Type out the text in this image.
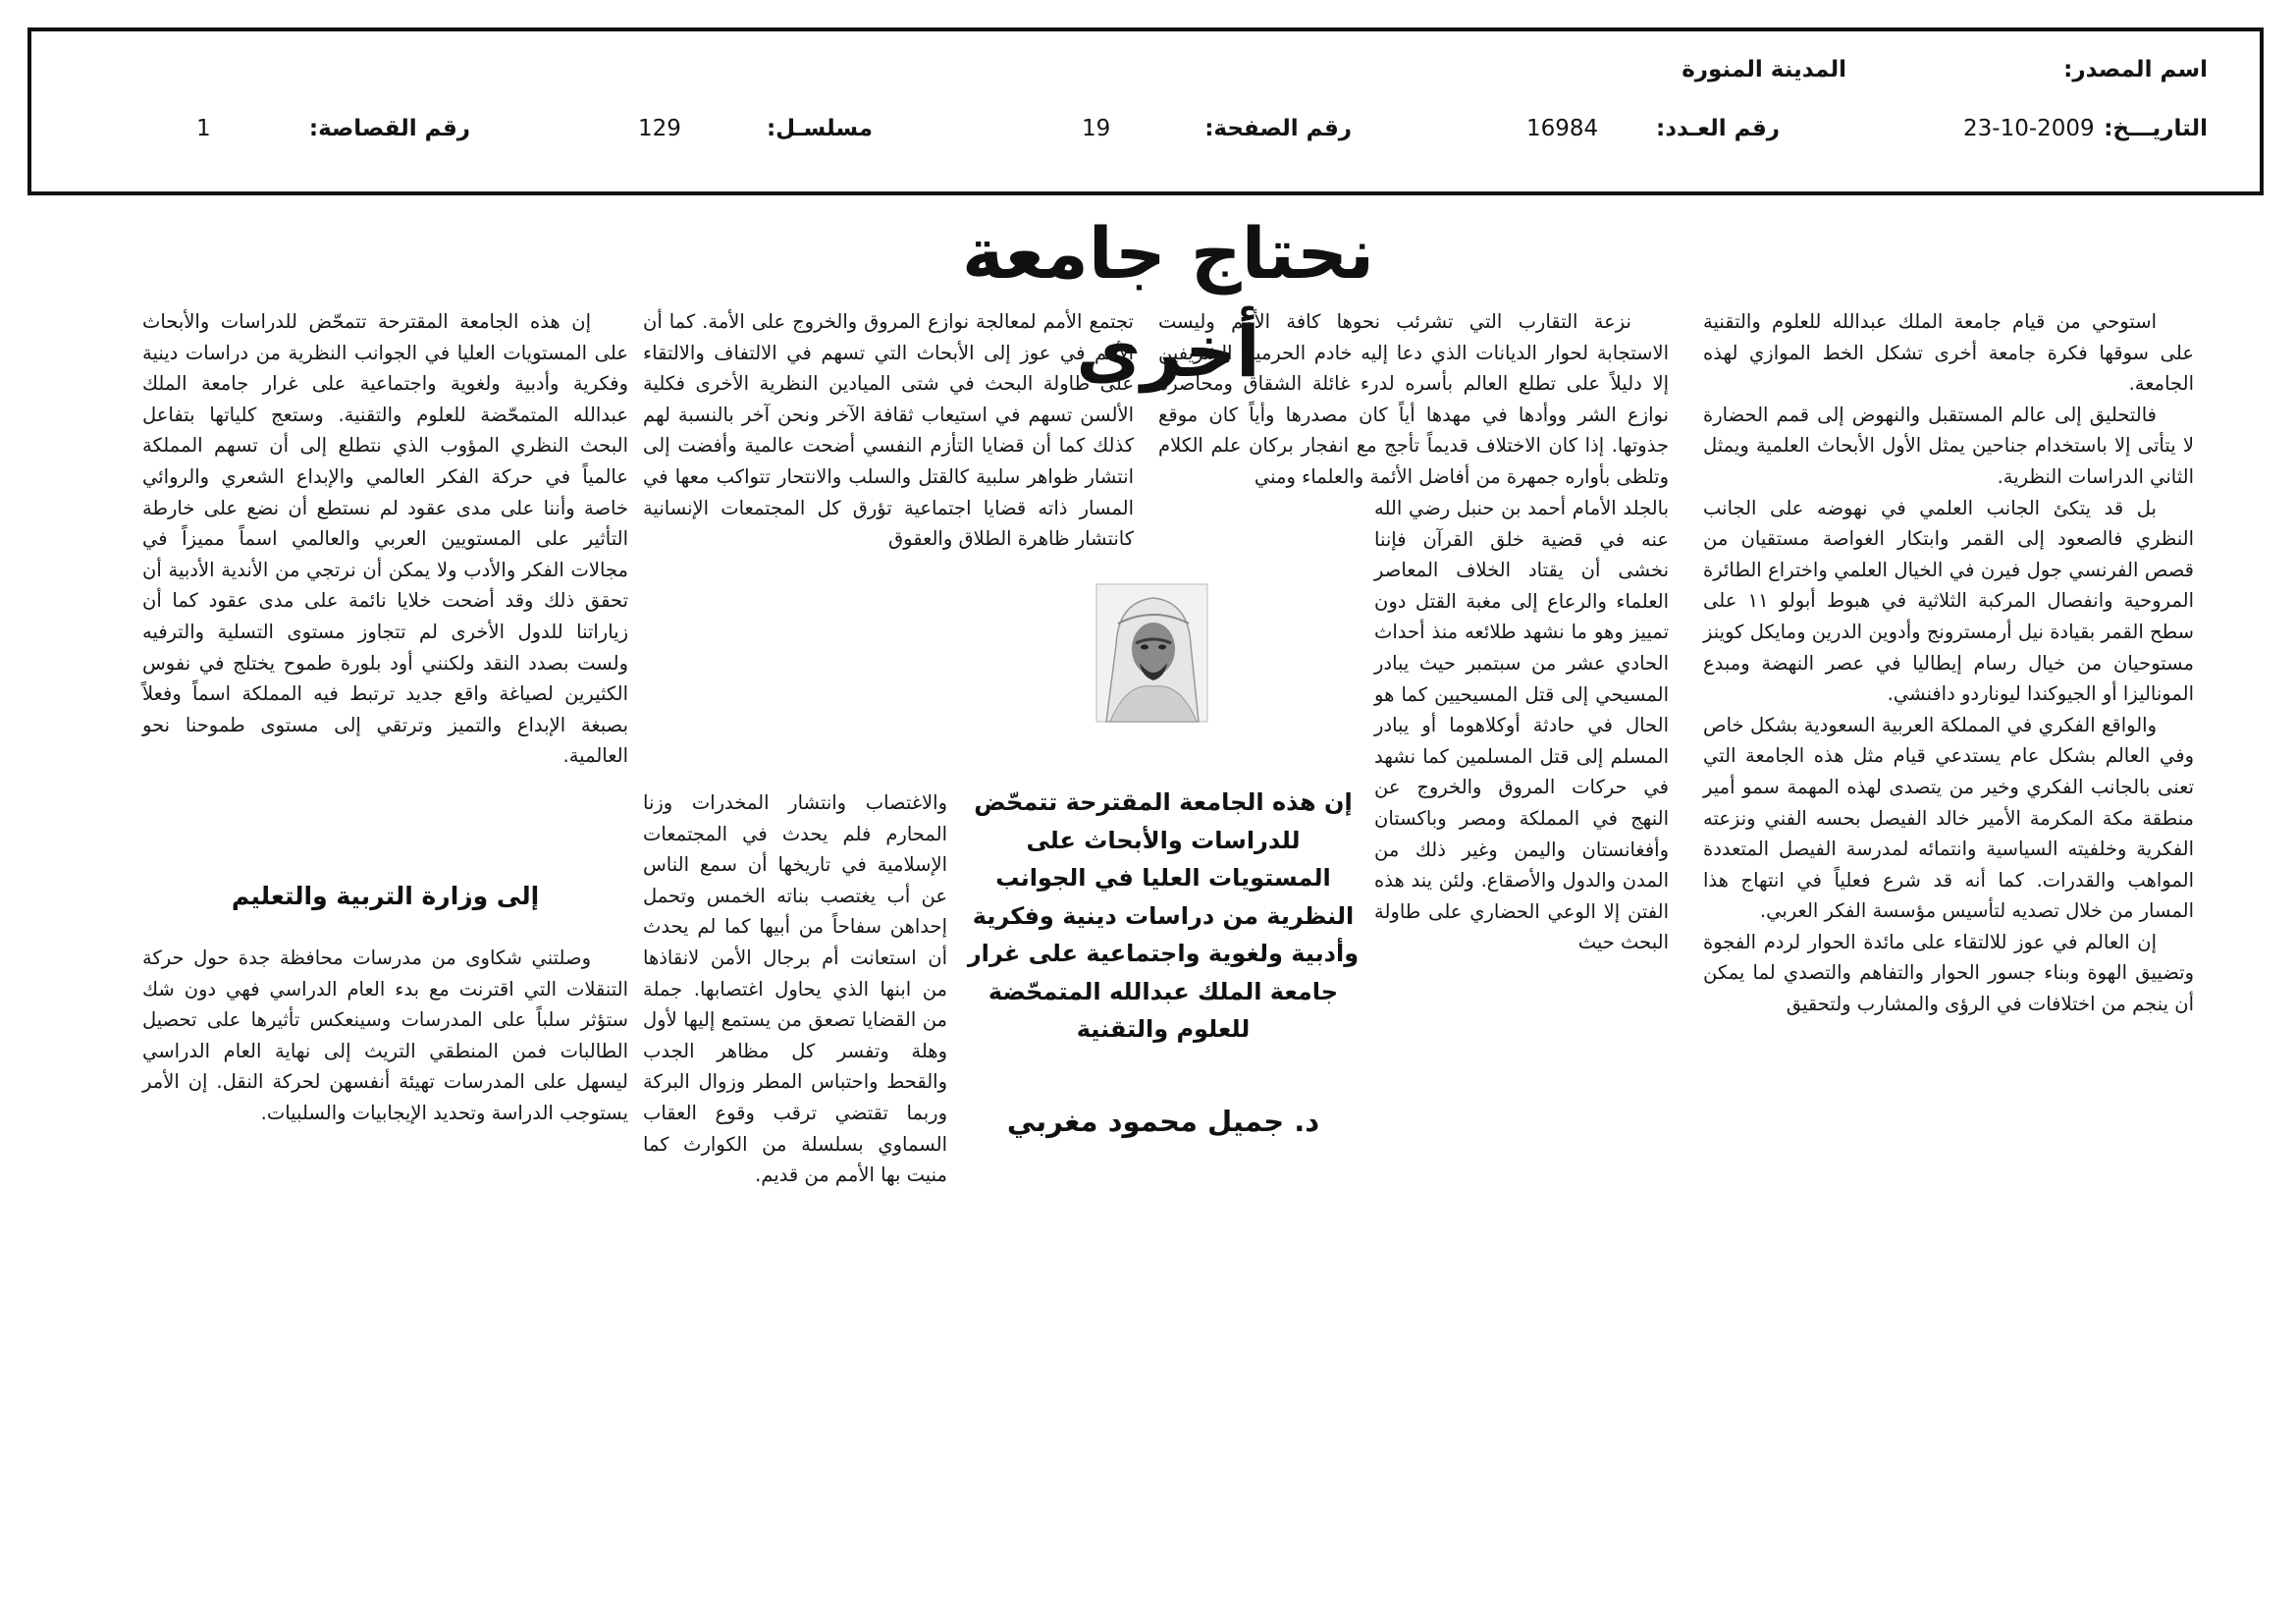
اسم المصدر:
المدينة المنورة
التاريـــخ:
23-10-2009
رقم العـدد:
16984
رقم الصفحة:
19
مسلسـل:
129
رقم القصاصة:
1
نحتاج جامعة أخرى	استوحي من قيام جامعة الملك عبدالله للعلوم والتقنية على سوقها فكرة جامعة أخرى تشكل الخط الموازي لهذه الجامعة.

فالتحليق إلى عالم المستقبل والنهوض إلى قمم الحضارة لا يتأتى إلا باستخدام جناحين يمثل الأول الأبحاث العلمية ويمثل الثاني الدراسات النظرية.

بل قد يتكئ الجانب العلمي في نهوضه على الجانب النظري فالصعود إلى القمر وابتكار الغواصة مستقيان من قصص الفرنسي جول فيرن في الخيال العلمي واختراع الطائرة المروحية وانفصال المركبة الثلاثية في هبوط أبولو ١١ على سطح القمر بقيادة نيل أرمسترونج وأدوين الدرين ومايكل كوينز مستوحيان من خيال رسام إيطاليا في عصر النهضة ومبدع الموناليزا أو الجيوكندا ليوناردو دافنشي.

والواقع الفكري في المملكة العربية السعودية بشكل خاص وفي العالم بشكل عام يستدعي قيام مثل هذه الجامعة التي تعنى بالجانب الفكري وخير من يتصدى لهذه المهمة سمو أمير منطقة مكة المكرمة الأمير خالد الفيصل بحسه الفني ونزعته الفكرية وخلفيته السياسية وانتمائه لمدرسة الفيصل المتعددة المواهب والقدرات. كما أنه قد شرع فعلياً في انتهاج هذا المسار من خلال تصديه لتأسيس مؤسسة الفكر العربي.

إن العالم في عوز للالتقاء على مائدة الحوار لردم الفجوة وتضييق الهوة وبناء جسور الحوار والتفاهم والتصدي لما يمكن أن ينجم من اختلافات في الرؤى والمشارب ولتحقيق

نزعة التقارب التي تشرئب نحوها كافة الأمم وليست الاستجابة لحوار الديانات الذي دعا إليه خادم الحرمين الشريفين إلا دليلاً على تطلع العالم بأسره لدرء غائلة الشقاق ومحاصرة نوازع الشر ووأدها في مهدها أياً كان مصدرها وأياً كان موقع جذوتها. إذا كان الاختلاف قديماً تأجج مع انفجار بركان علم الكلام وتلظى بأواره جمهرة من أفاضل الأئمة والعلماء ومني

بالجلد الأمام أحمد بن حنبل رضي الله عنه في قضية خلق القرآن فإننا نخشى أن يقتاد الخلاف المعاصر العلماء والرعاع إلى مغبة القتل دون تمييز وهو ما نشهد طلائعه منذ أحداث الحادي عشر من سبتمبر حيث يبادر المسيحي إلى قتل المسيحيين كما هو الحال في حادثة أوكلاهوما أو يبادر المسلم إلى قتل المسلمين كما نشهد في حركات المروق والخروج عن النهج في المملكة ومصر وباكستان وأفغانستان واليمن وغير ذلك من المدن والدول والأصقاع. ولئن يند هذه الفتن إلا الوعي الحضاري على طاولة البحث حيث

إن هذه الجامعة المقترحة تتمحّض للدراسات والأبحاث على المستويات العليا في الجوانب النظرية من دراسات دينية وفكرية وأدبية ولغوية واجتماعية على غرار جامعة الملك عبدالله المتمحّضة للعلوم والتقنية
د. جميل محمود مغربي

تجتمع الأمم لمعالجة نوازع المروق والخروج على الأمة. كما أن الأمم في عوز إلى الأبحاث التي تسهم في الالتفاف والالتقاء على طاولة البحث في شتى الميادين النظرية الأخرى فكلية الألسن تسهم في استيعاب ثقافة الآخر ونحن آخر بالنسبة لهم كذلك كما أن قضايا التأزم النفسي أضحت عالمية وأفضت إلى انتشار ظواهر سلبية كالقتل والسلب والانتحار تتواكب معها في المسار ذاته قضايا اجتماعية تؤرق كل المجتمعات الإنسانية كانتشار ظاهرة الطلاق والعقوق

والاغتصاب وانتشار المخدرات وزنا المحارم فلم يحدث في المجتمعات الإسلامية في تاريخها أن سمع الناس عن أب يغتصب بناته الخمس وتحمل إحداهن سفاحاً من أبيها كما لم يحدث أن استعانت أم برجال الأمن لانقاذها من ابنها الذي يحاول اغتصابها. جملة من القضايا تصعق من يستمع إليها لأول وهلة وتفسر كل مظاهر الجدب والقحط واحتباس المطر وزوال البركة وربما تقتضي ترقب وقوع العقاب السماوي بسلسلة من الكوارث كما منيت بها الأمم من قديم.

إن هذه الجامعة المقترحة تتمحّض للدراسات والأبحاث على المستويات العليا في الجوانب النظرية من دراسات دينية وفكرية وأدبية ولغوية واجتماعية على غرار جامعة الملك عبدالله المتمحّضة للعلوم والتقنية. وستعج كلياتها بتفاعل البحث النظري المؤوب الذي نتطلع إلى أن تسهم المملكة عالمياً في حركة الفكر العالمي والإبداع الشعري والروائي خاصة وأننا على مدى عقود لم نستطع أن نضع على خارطة التأثير على المستويين العربي والعالمي اسماً مميزاً في مجالات الفكر والأدب ولا يمكن أن نرتجي من الأندية الأدبية أن تحقق ذلك وقد أضحت خلايا نائمة على مدى عقود كما أن زياراتنا للدول الأخرى لم تتجاوز مستوى التسلية والترفيه ولست بصدد النقد ولكنني أود بلورة طموح يختلج في نفوس الكثيرين لصياغة واقع جديد ترتبط فيه المملكة اسماً وفعلاً بصبغة الإبداع والتميز وترتقي إلى مستوى طموحنا نحو العالمية.

إلى وزارة التربية والتعليم

وصلتني شكاوى من مدرسات محافظة جدة حول حركة التنقلات التي اقترنت مع بدء العام الدراسي فهي دون شك ستؤثر سلباً على المدرسات وسينعكس تأثيرها على تحصيل الطالبات فمن المنطقي التريث إلى نهاية العام الدراسي ليسهل على المدرسات تهيئة أنفسهن لحركة النقل. إن الأمر يستوجب الدراسة وتحديد الإيجابيات والسلبيات.
